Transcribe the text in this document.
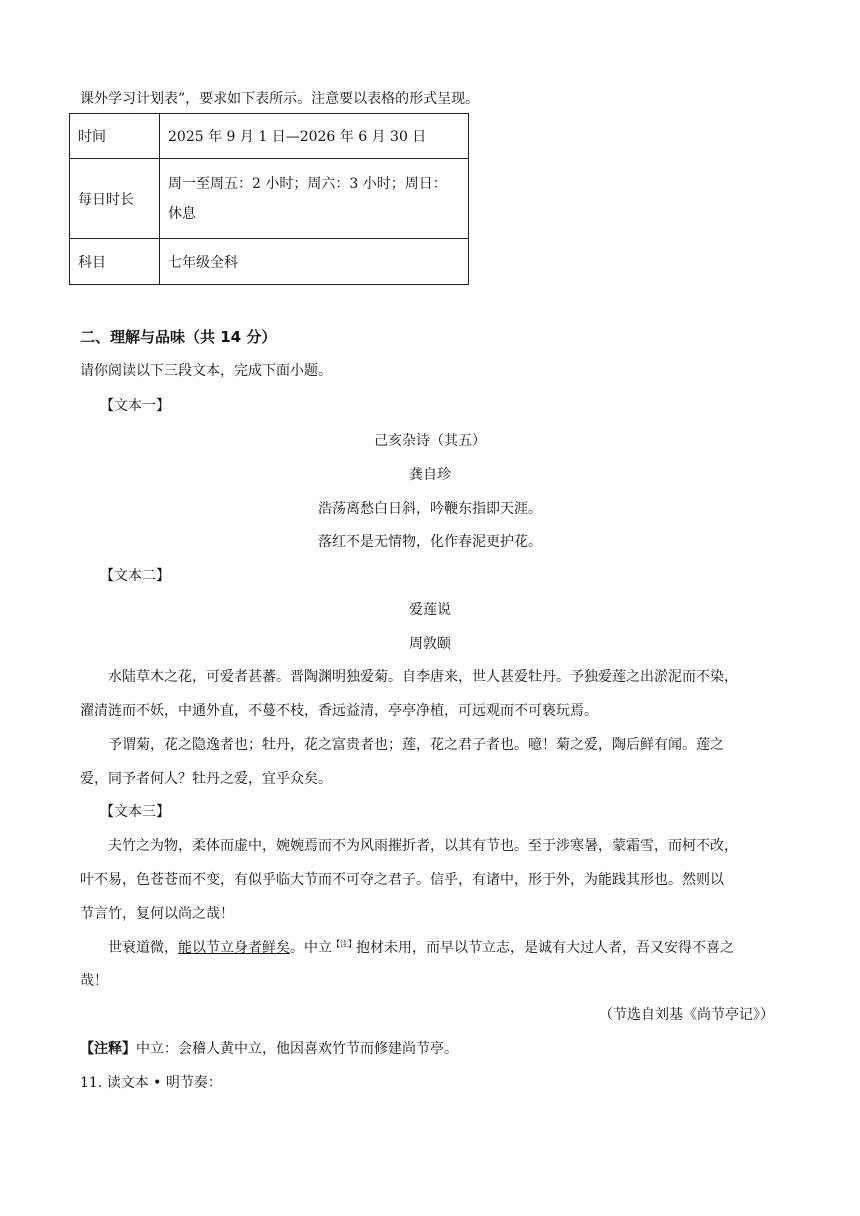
课外学习计划表”，要求如下表所示。注意要以表格的形式呈现。
时间	2025 年 9 月 1 日—2026 年 6 月 30 日
每日时长	周一至周五：2 小时；周六：3 小时；周日：
休息

科目	七年级全科
二、理解与品味（共 14 分）
请你阅读以下三段文本，完成下面小题。
【文本一】
己亥杂诗（其五）
龚自珍
浩荡离愁白日斜，吟鞭东指即天涯。
落红不是无情物，化作春泥更护花。
【文本二】
爱莲说
周敦颐
水陆草木之花，可爱者甚蕃。晋陶渊明独爱菊。自李唐来，世人甚爱牡丹。予独爱莲之出淤泥而不染，
濯清涟而不妖，中通外直，不蔓不枝，香远益清，亭亭净植，可远观而不可亵玩焉。
予谓菊，花之隐逸者也；牡丹，花之富贵者也；莲，花之君子者也。噫！菊之爱，陶后鲜有闻。莲之
爱，同予者何人？牡丹之爱，宜乎众矣。
【文本三】
夫竹之为物，柔体而虚中，婉婉焉而不为风雨摧折者，以其有节也。至于涉寒暑，蒙霜雪，而柯不改，
叶不易，色苍苍而不变，有似乎临大节而不可夺之君子。信乎，有诸中，形于外，为能践其形也。然则以
节言竹，复何以尚之哉！
世衰道微，能以节立身者鲜矣。中立$^{【注】}$抱材未用，而早以节立志，是诚有大过人者，吾又安得不喜之
哉！
（节选自刘基《尚节亭记》）
【注释】中立：会稽人黄中立，他因喜欢竹节而修建尚节亭。
11. 读文本 • 明节奏：
